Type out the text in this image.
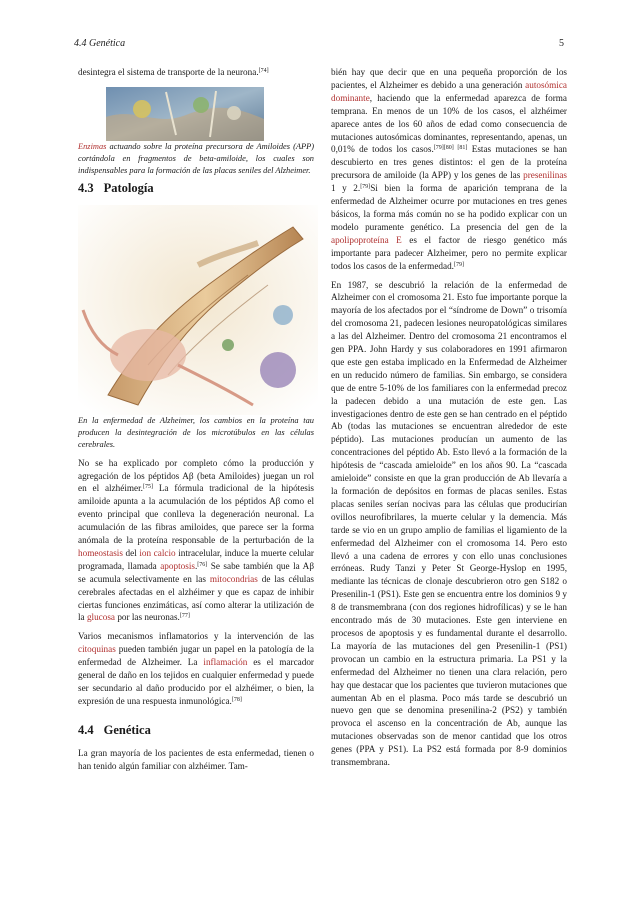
4.4 Genética	5

desintegra el sistema de transporte de la neurona.[74]

Enzimas actuando sobre la proteína precursora de Amiloides (APP) cortándola en fragmentos de beta-amiloide, los cuales son indispensables para la formación de las placas seniles del Alzheimer.

4.3 Patología

En la enfermedad de Alzheimer, los cambios en la proteína tau producen la desintegración de los microtúbulos en las células cerebrales.

No se ha explicado por completo cómo la producción y agregación de los péptidos Aβ (beta Amiloides) juegan un rol en el alzhéimer.[75] La fórmula tradicional de la hipótesis amiloide apunta a la acumulación de los péptidos Aβ como el evento principal que conlleva la degeneración neuronal. La acumulación de las fibras amiloides, que parece ser la forma anómala de la proteína responsable de la perturbación de la homeostasis del ion calcio intracelular, induce la muerte celular programada, llamada apoptosis.[76] Se sabe también que la Aβ se acumula selectivamente en las mitocondrias de las células cerebrales afectadas en el alzhéimer y que es capaz de inhibir ciertas funciones enzimáticas, así como alterar la utilización de la glucosa por las neuronas.[77]

Varios mecanismos inflamatorios y la intervención de las citoquinas pueden también jugar un papel en la patología de la enfermedad de Alzheimer. La inflamación es el marcador general de daño en los tejidos en cualquier enfermedad y puede ser secundario al daño producido por el alzhéimer, o bien, la expresión de una respuesta inmunológica.[78]

4.4 Genética

La gran mayoría de los pacientes de esta enfermedad, tienen o han tenido algún familiar con alzhéimer. Tam-

bién hay que decir que en una pequeña proporción de los pacientes, el Alzheimer es debido a una generación autosómica dominante, haciendo que la enfermedad aparezca de forma temprana. En menos de un 10% de los casos, el alzhéimer aparece antes de los 60 años de edad como consecuencia de mutaciones autosómicas dominantes, representando, apenas, un 0,01% de todos los casos.[79][80] [81] Estas mutaciones se han descubierto en tres genes distintos: el gen de la proteína precursora de amiloide (la APP) y los genes de las presenilinas 1 y 2.[79]Si bien la forma de aparición temprana de la enfermedad de Alzheimer ocurre por mutaciones en tres genes básicos, la forma más común no se ha podido explicar con un modelo puramente genético. La presencia del gen de la apolipoproteína E es el factor de riesgo genético más importante para padecer Alzheimer, pero no permite explicar todos los casos de la enfermedad.[79]

En 1987, se descubrió la relación de la enfermedad de Alzheimer con el cromosoma 21. Esto fue importante porque la mayoría de los afectados por el “síndrome de Down” o trisomía del cromosoma 21, padecen lesiones neuropatológicas similares a las del Alzheimer. Dentro del cromosoma 21 encontramos el gen PPA. John Hardy y sus colaboradores en 1991 afirmaron que este gen estaba implicado en la Enfermedad de Alzheimer en un reducido número de familias. Sin embargo, se considera que de entre 5-10% de los familiares con la enfermedad precoz la padecen debido a una mutación de este gen. Las investigaciones dentro de este gen se han centrado en el péptido Ab (todas las mutaciones se encuentran alrededor de este péptido). Las mutaciones producían un aumento de las concentraciones del péptido Ab. Esto llevó a la formación de la hipótesis de “cascada amieloide” en los años 90. La “cascada amieloide” consiste en que la gran producción de Ab llevaría a la formación de depósitos en formas de placas seniles. Estas placas seniles serían nocivas para las células que producirían ovillos neurofibrilares, la muerte celular y la demencia. Más tarde se vio en un grupo amplio de familias el ligamiento de la enfermedad del Alzheimer con el cromosoma 14. Pero esto llevó a una cadena de errores y con ello unas conclusiones erróneas. Rudy Tanzi y Peter St George-Hyslop en 1995, mediante las técnicas de clonaje descubrieron otro gen S182 o Presenilin-1 (PS1). Este gen se encuentra entre los dominios 9 y 8 de transmembrana (con dos regiones hidrofílicas) y se le han encontrado más de 30 mutaciones. Este gen interviene en procesos de apoptosis y es fundamental durante el desarrollo. La mayoría de las mutaciones del gen Presenilin-1 (PS1) provocan un cambio en la estructura primaria. La PS1 y la enfermedad del Alzheimer no tienen una clara relación, pero hay que destacar que los pacientes que tuvieron mutaciones que aumentan Ab en el plasma. Poco más tarde se descubrió un nuevo gen que se denomina presenilina-2 (PS2) y también provoca el ascenso en la concentración de Ab, aunque las mutaciones observadas son de menor cantidad que los otros genes (PPA y PS1). La PS2 está formada por 8-9 dominios transmembrana.
